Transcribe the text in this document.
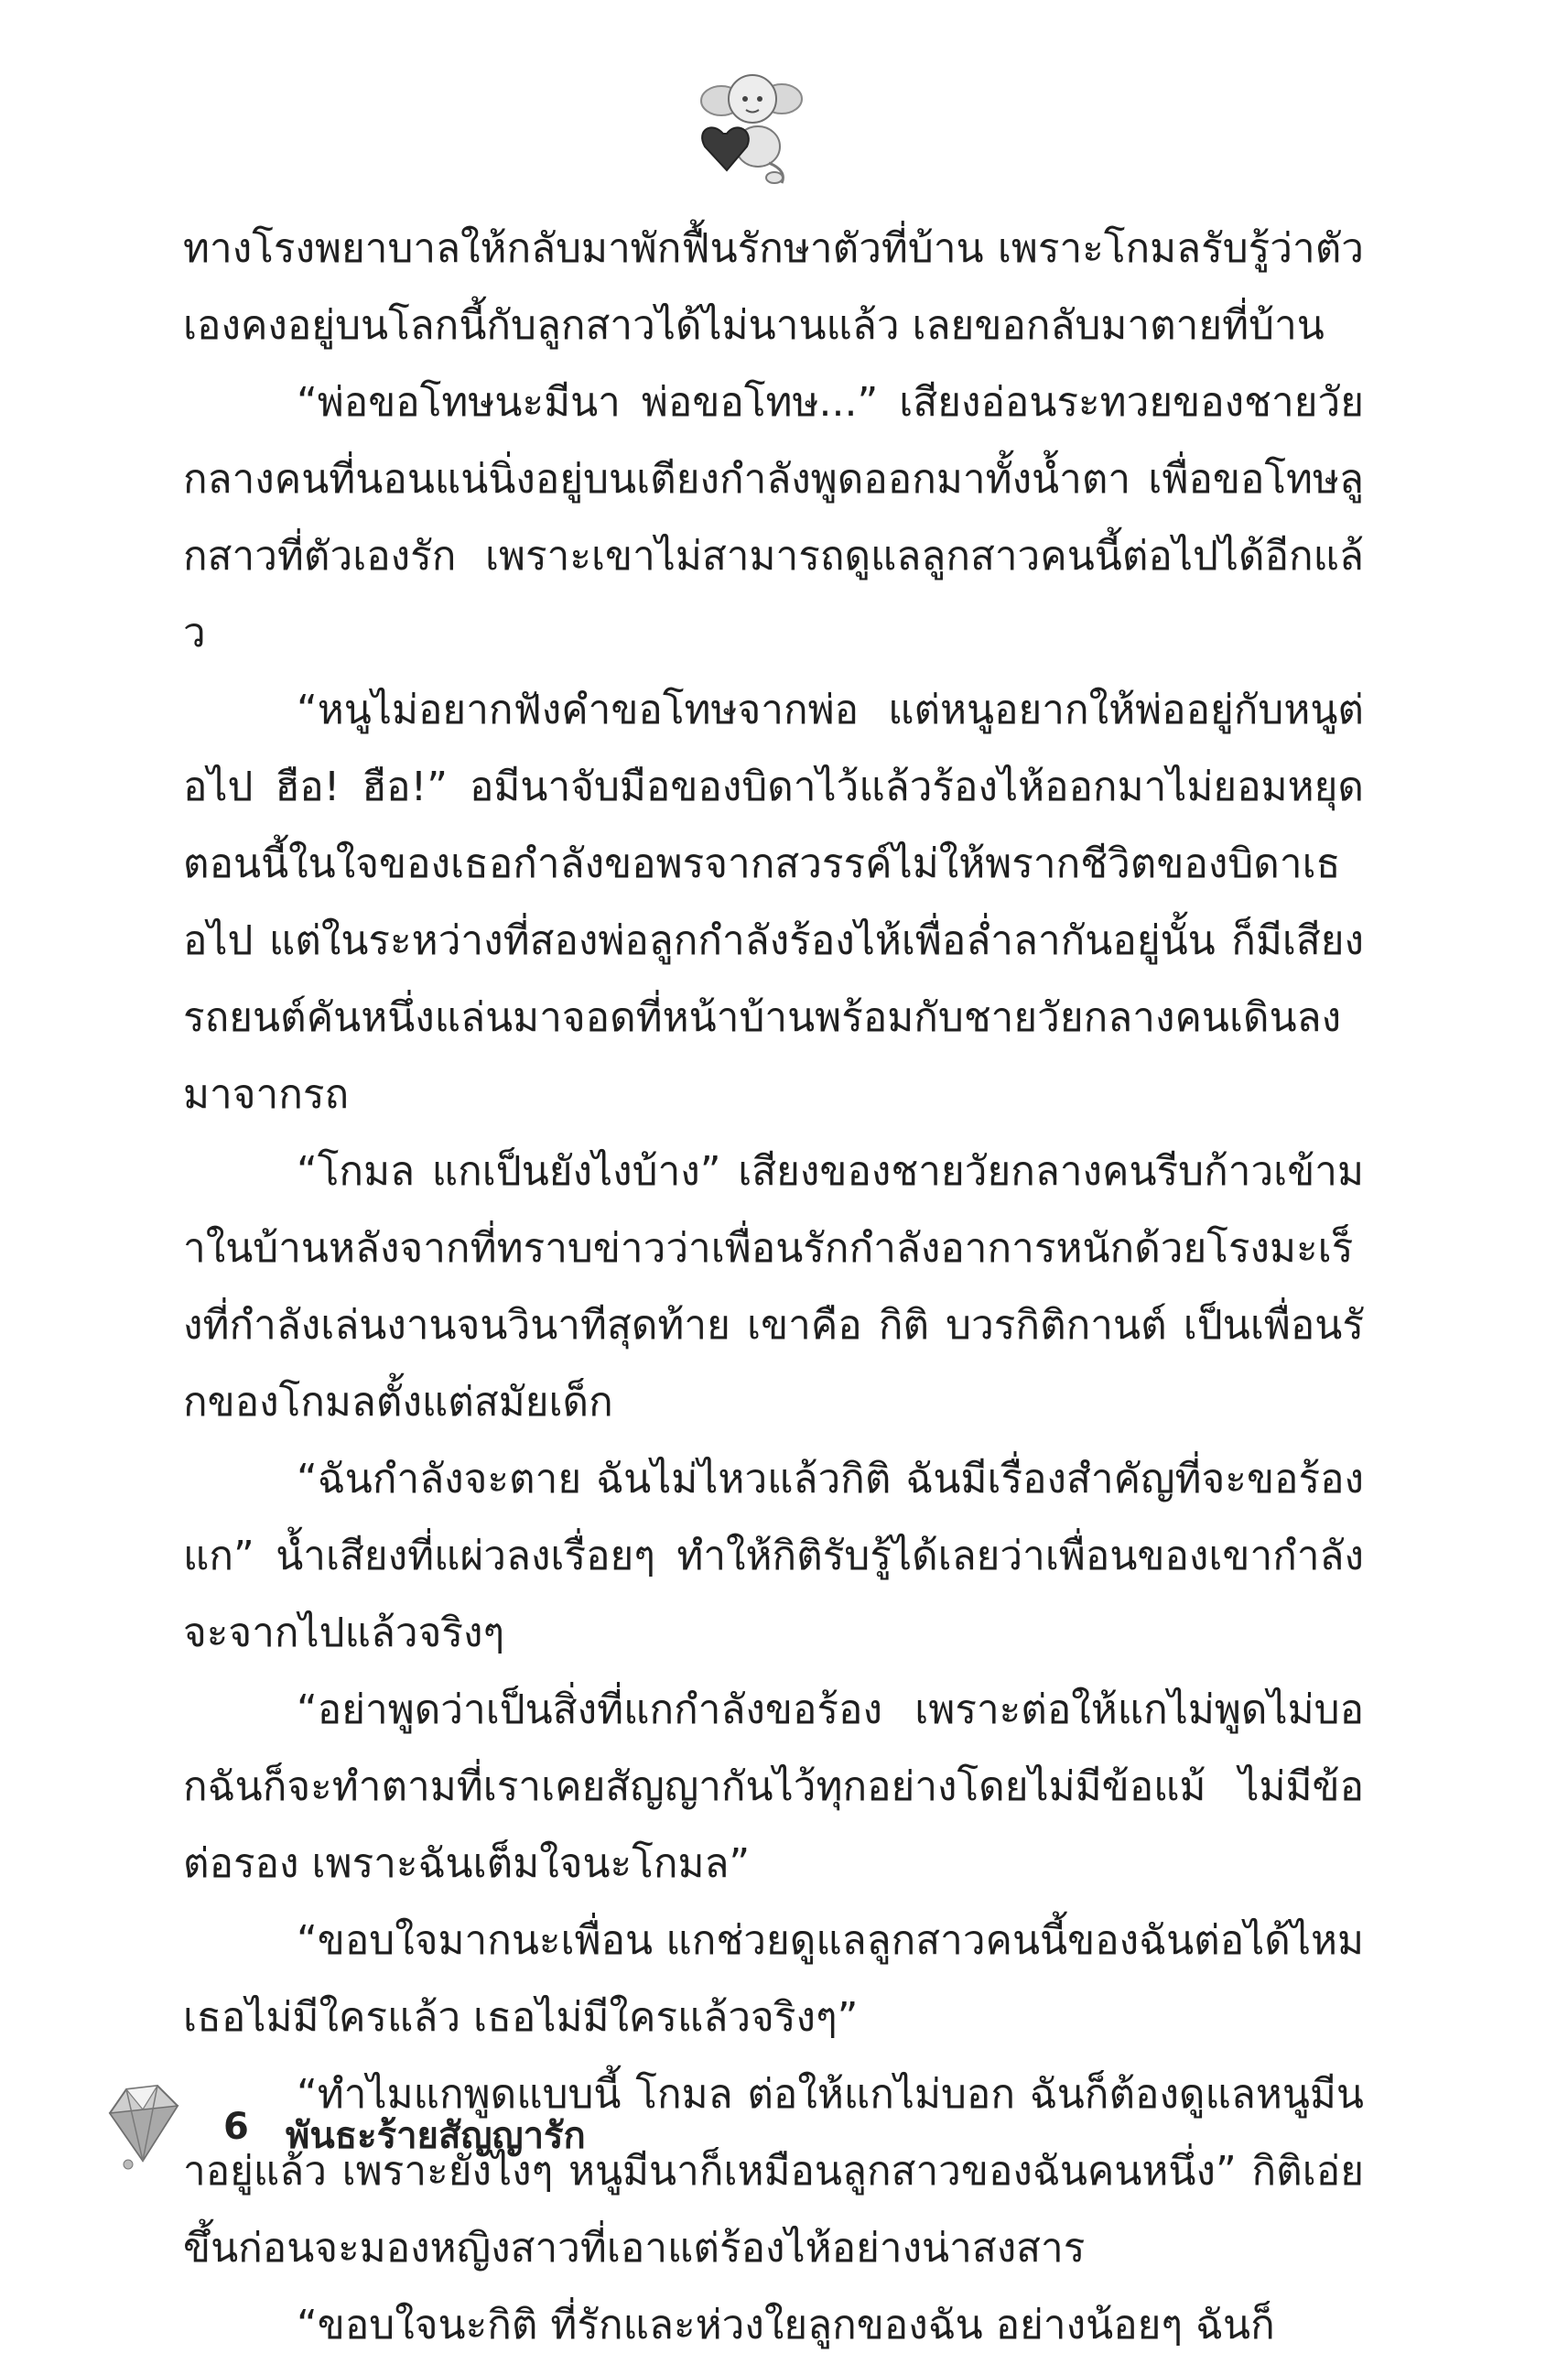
ทางโรงพยาบาลให้กลับมาพักฟื้นรักษาตัวที่บ้าน เพราะโกมลรับรู้ว่าตัวเองคงอยู่บนโลกนี้กับลูกสาวได้ไม่นานแล้ว เลยขอกลับมาตายที่บ้าน

“พ่อขอโทษนะมีนา พ่อขอโทษ...” เสียงอ่อนระทวยของชายวัยกลางคนที่นอนแน่นิ่งอยู่บนเตียงกำลังพูดออกมาทั้งน้ำตา เพื่อขอโทษลูกสาวที่ตัวเองรัก เพราะเขาไม่สามารถดูแลลูกสาวคนนี้ต่อไปได้อีกแล้ว

“หนูไม่อยากฟังคำขอโทษจากพ่อ แต่หนูอยากให้พ่ออยู่กับหนูต่อไป ฮือ! ฮือ!” อมีนาจับมือของบิดาไว้แล้วร้องไห้ออกมาไม่ยอมหยุด ตอนนี้ในใจของเธอกำลังขอพรจากสวรรค์ไม่ให้พรากชีวิตของบิดาเธอไป แต่ในระหว่างที่สองพ่อลูกกำลังร้องไห้เพื่อล่ำลากันอยู่นั้น ก็มีเสียงรถยนต์คันหนึ่งแล่นมาจอดที่หน้าบ้านพร้อมกับชายวัยกลางคนเดินลงมาจากรถ

“โกมล แกเป็นยังไงบ้าง” เสียงของชายวัยกลางคนรีบก้าวเข้ามาในบ้านหลังจากที่ทราบข่าวว่าเพื่อนรักกำลังอาการหนักด้วยโรงมะเร็งที่กำลังเล่นงานจนวินาทีสุดท้าย เขาคือ กิติ บวรกิติกานต์ เป็นเพื่อนรักของโกมลตั้งแต่สมัยเด็ก

“ฉันกำลังจะตาย ฉันไม่ไหวแล้วกิติ ฉันมีเรื่องสำคัญที่จะขอร้องแก” น้ำเสียงที่แผ่วลงเรื่อยๆ ทำให้กิติรับรู้ได้เลยว่าเพื่อนของเขากำลังจะจากไปแล้วจริงๆ

“อย่าพูดว่าเป็นสิ่งที่แกกำลังขอร้อง เพราะต่อให้แกไม่พูดไม่บอกฉันก็จะทำตามที่เราเคยสัญญากันไว้ทุกอย่างโดยไม่มีข้อแม้ ไม่มีข้อต่อรอง เพราะฉันเต็มใจนะโกมล”

“ขอบใจมากนะเพื่อน แกช่วยดูแลลูกสาวคนนี้ของฉันต่อได้ไหมเธอไม่มีใครแล้ว เธอไม่มีใครแล้วจริงๆ”

“ทำไมแกพูดแบบนี้ โกมล ต่อให้แกไม่บอก ฉันก็ต้องดูแลหนูมีนาอยู่แล้ว เพราะยังไงๆ หนูมีนาก็เหมือนลูกสาวของฉันคนหนึ่ง” กิติเอ่ยขึ้นก่อนจะมองหญิงสาวที่เอาแต่ร้องไห้อย่างน่าสงสาร

“ขอบใจนะกิติ ที่รักและห่วงใยลูกของฉัน อย่างน้อยๆ ฉันก็

6 พันธะร้ายสัญญารัก
